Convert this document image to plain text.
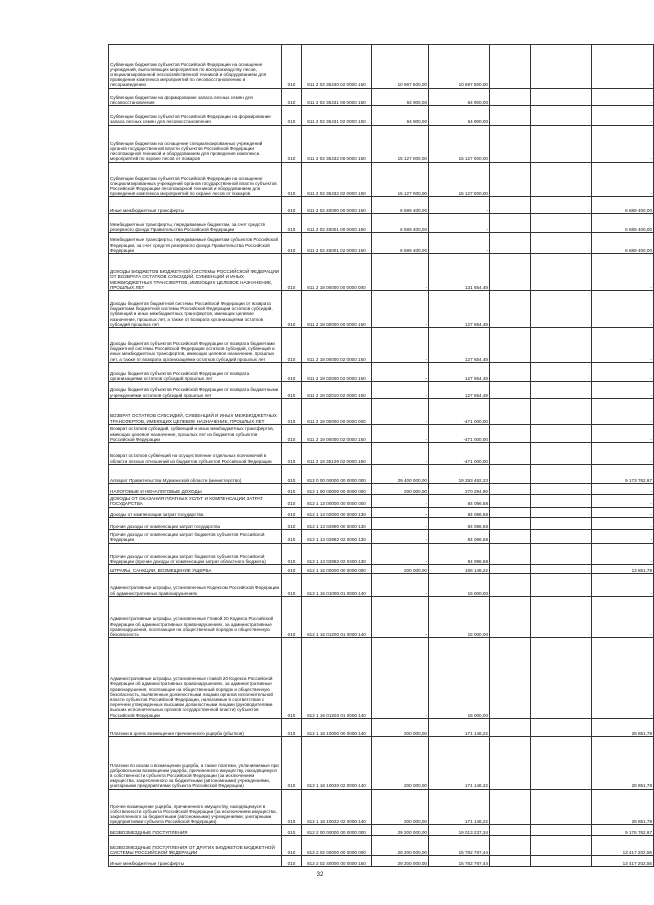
Субвенции бюджетам субъектов Российской Федерации на оснащение учреждений, выполняющих мероприятия по воспроизводству лесов, специализированной лесохозяйственной техникой и оборудованием для проведения комплекса мероприятий по лесовосстановлению и лесоразведению	010	811 2 02 35430 02 0000 150	10 697 500,00	10 697 500,00			-
Субвенции бюджетам на формирование запаса лесных семян для лесовосстановления	010	811 2 02 35431 00 0000 150	64 900,00	64 900,00			-
Субвенции бюджетам субъектов Российской Федерации на формирование запаса лесных семян для лесовосстановления	010	811 2 02 35431 02 0000 150	64 900,00	64 900,00			-
Субвенции бюджетам на оснащение специализированных учреждений органов государственной власти субъектов Российской Федерации лесопожарной техникой и оборудованием для проведения комплекса мероприятий по охране лесов от пожаров	010	811 2 02 35432 00 0000 150	15 127 000,00	15 127 000,00			-
Субвенции бюджетам субъектов Российской Федерации на оснащение специализированных учреждений органов государственной власти субъектов Российской Федерации лесопожарной техникой и оборудованием для проведения комплекса мероприятий по охране лесов от пожаров	010	811 2 02 35432 02 0000 150	15 127 000,00	15 127 000,00			-
Иные межбюджетные трансферты	010	811 2 02 40000 00 0000 150	6 589 400,00	-			6 589 400,00
Межбюджетные трансферты, передаваемые бюджетам, за счет средств резервного фонда Правительства Российской Федерации	010	811 2 02 45001 00 0000 150	6 589 400,00	-			6 589 400,00
Межбюджетные трансферты, передаваемые бюджетам субъектов Российской Федерации, за счет средств резервного фонда Правительства Российской Федерации	010	811 2 02 45001 02 0000 150	6 589 400,00	-			6 589 400,00
ДОХОДЫ БЮДЖЕТОВ БЮДЖЕТНОЙ СИСТЕМЫ РОССИЙСКОЙ ФЕДЕРАЦИИ ОТ ВОЗВРАТА ОСТАТКОВ СУБСИДИЙ, СУБВЕНЦИЙ И ИНЫХ МЕЖБЮДЖЕТНЫХ ТРАНСФЕРТОВ, ИМЕЮЩИХ ЦЕЛЕВОЕ НАЗНАЧЕНИЕ, ПРОШЛЫХ ЛЕТ	010	811 2 18 00000 00 0000 000	-	131 654,48			-
Доходы бюджетов бюджетной системы Российской Федерации от возврата бюджетами бюджетной системы Российской Федерации остатков субсидий, субвенций и иных межбюджетных трансфертов, имеющих целевое назначение, прошлых лет, а также от возврата организациями остатков субсидий прошлых лет	010	811 2 18 00000 00 0000 150	-	127 654,48			-
Доходы бюджетов субъектов Российской Федерации от возврата бюджетами бюджетной системы Российской Федерации остатков субсидий, субвенций и иных межбюджетных трансфертов, имеющих целевое назначение, прошлых лет, а также от возврата организациями остатков субсидий прошлых лет	010	811 2 18 00000 02 0000 150	-	127 654,48			-
Доходы бюджетов субъектов Российской Федерации от возврата организациями остатков субсидий прошлых лет	010	811 2 18 02000 02 0000 150	-	127 654,48			-
Доходы бюджетов субъектов Российской Федерации от возврата бюджетными учреждениями остатков субсидий прошлых лет	010	811 2 18 02010 02 0000 150	-	127 654,48			-
ВОЗВРАТ ОСТАТКОВ СУБСИДИЙ, СУБВЕНЦИЙ И ИНЫХ МЕЖБЮДЖЕТНЫХ ТРАНСФЕРТОВ, ИМЕЮЩИХ ЦЕЛЕВОЕ НАЗНАЧЕНИЕ, ПРОШЛЫХ ЛЕТ	010	811 2 19 00000 00 0000 000	-	-471 000,00			-
Возврат остатков субсидий, субвенций и иных межбюджетных трансфертов, имеющих целевое назначение, прошлых лет из бюджетов субъектов Российской Федерации	010	811 2 19 00000 02 0000 150	-	-471 000,00			-
Возврат остатков субвенций на осуществление отдельных полномочий в области лесных отношений из бюджетов субъектов Российской Федерации	010	811 2 19 35129 02 0000 150	-	-471 000,00			-
Аппарат Правительства Мурманской области (министерство)	010	812 0 00 00000 00 0000 000	29 400 000,00	19 283 492,23			9 173 762,67
НАЛОГОВЫЕ И НЕНАЛОГОВЫЕ ДОХОДЫ	010	812 1 00 00000 00 0000 000	200 000,00	270 294,90			-
ДОХОДЫ ОТ ОКАЗАНИЯ ПЛАТНЫХ УСЛУГ И КОМПЕНСАЦИИ ЗАТРАТ ГОСУДАРСТВА	010	812 1 13 00000 00 0000 000	-	84 096,68			-
Доходы от компенсации затрат государства	010	812 1 13 02000 00 0000 130	-	84 096,68			-
Прочие доходы от компенсации затрат государства	010	812 1 13 02990 00 0000 130	-	84 096,68			-
Прочие доходы от компенсации затрат бюджетов субъектов Российской Федерации	010	812 1 13 02992 02 0000 130	-	84 096,68			-
Прочие доходы от компенсации затрат бюджетов субъектов Российской Федерации (прочие доходы от компенсации затрат областного бюджета)	010	812 1 13 02992 02 0400 130	-	84 096,68			-
ШТРАФЫ, САНКЦИИ, ВОЗМЕЩЕНИЕ УЩЕРБА	010	812 1 16 00000 00 0000 000	200 000,00	186 148,22			13 851,78
Административные штрафы, установленные Кодексом Российской Федерации об административных правонарушениях	010	812 1 16 01000 01 0000 140	-	15 000,00			-
Административные штрафы, установленные Главой 20 Кодекса Российской Федерации об административных правонарушениях, за административные правонарушения, посягающие на общественный порядок и общественную безопасность	010	812 1 16 01200 01 0000 140	-	15 000,00			-
Административные штрафы, установленные главой 20 Кодекса Российской Федерации об административных правонарушениях, за административные правонарушения, посягающие на общественный порядок и общественную безопасность, выявленные должностными лицами органов исполнительной власти субъектов Российской Федерации, налагаемые в соответствии с перечнем утвержденных высшими должностными лицами (руководителями высших исполнительных органов государственной власти) субъектов Российской Федерации	010	812 1 16 01203 01 0000 140	-	15 000,00			-
Платежи в целях возмещения причиненного ущерба (убытков)	010	812 1 16 10000 00 0000 140	200 000,00	171 148,22			28 851,78
Платежи по искам о возмещении ущерба, а также платежи, уплачиваемые при добровольном возмещении ущерба, причиненного имуществу, находящемуся в собственности субъекта Российской Федерации (за исключением имущества, закрепленного за бюджетными (автономными) учреждениями, унитарными предприятиями субъекта Российской Федерации)	010	812 1 16 10020 02 0000 140	200 000,00	171 148,22			28 851,78
Прочее возмещение ущерба, причиненного имуществу, находящемуся в собственности субъекта Российской Федерации (за исключением имущества, закрепленного за бюджетными (автономными) учреждениями, унитарными предприятиями субъекта Российской Федерации)	010	812 1 16 10022 02 0000 140	200 000,00	171 148,22			28 851,78
БЕЗВОЗМЕЗДНЫЕ ПОСТУПЛЕНИЯ	010	812 2 00 00000 00 0000 000	29 200 000,00	19 013 237,34			9 176 762,67
БЕЗВОЗМЕЗДНЫЕ ПОСТУПЛЕНИЯ ОТ ДРУГИХ БЮДЖЕТОВ БЮДЖЕТНОЙ СИСТЕМЫ РОССИЙСКОЙ ФЕДЕРАЦИИ	010	812 2 02 00000 00 0000 000	29 200 000,00	15 782 797,44			13 417 202,56
Иные межбюджетные трансферты	010	812 2 02 40000 00 0000 150	29 200 000,00	15 782 797,44			13 417 202,56
32
